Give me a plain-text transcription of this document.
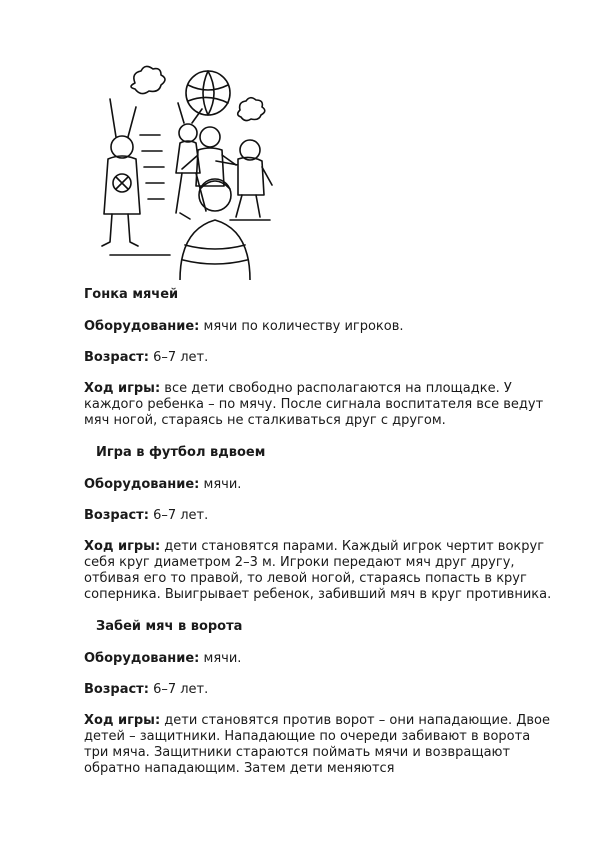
Гонка мячей

Оборудование: мячи по количеству игроков.

Возраст: 6–7 лет.

Ход игры: все дети свободно располагаются на площадке. У каждого ребенка – по мячу. После сигнала воспитателя все ведут мяч ногой, стараясь не сталкиваться друг с другом.

Игра в футбол вдвоем

Оборудование: мячи.

Возраст: 6–7 лет.

Ход игры: дети становятся парами. Каждый игрок чертит вокруг себя круг диаметром 2–3 м. Игроки передают мяч друг другу, отбивая его то правой, то левой ногой, стараясь попасть в круг соперника. Выигрывает ребенок, забивший мяч в круг противника.

Забей мяч в ворота

Оборудование: мячи.

Возраст: 6–7 лет.

Ход игры: дети становятся против ворот – они нападающие. Двое детей – защитники. Нападающие по очереди забивают в ворота три мяча. Защитники стараются поймать мячи и возвращают обратно нападающим. Затем дети меняются
